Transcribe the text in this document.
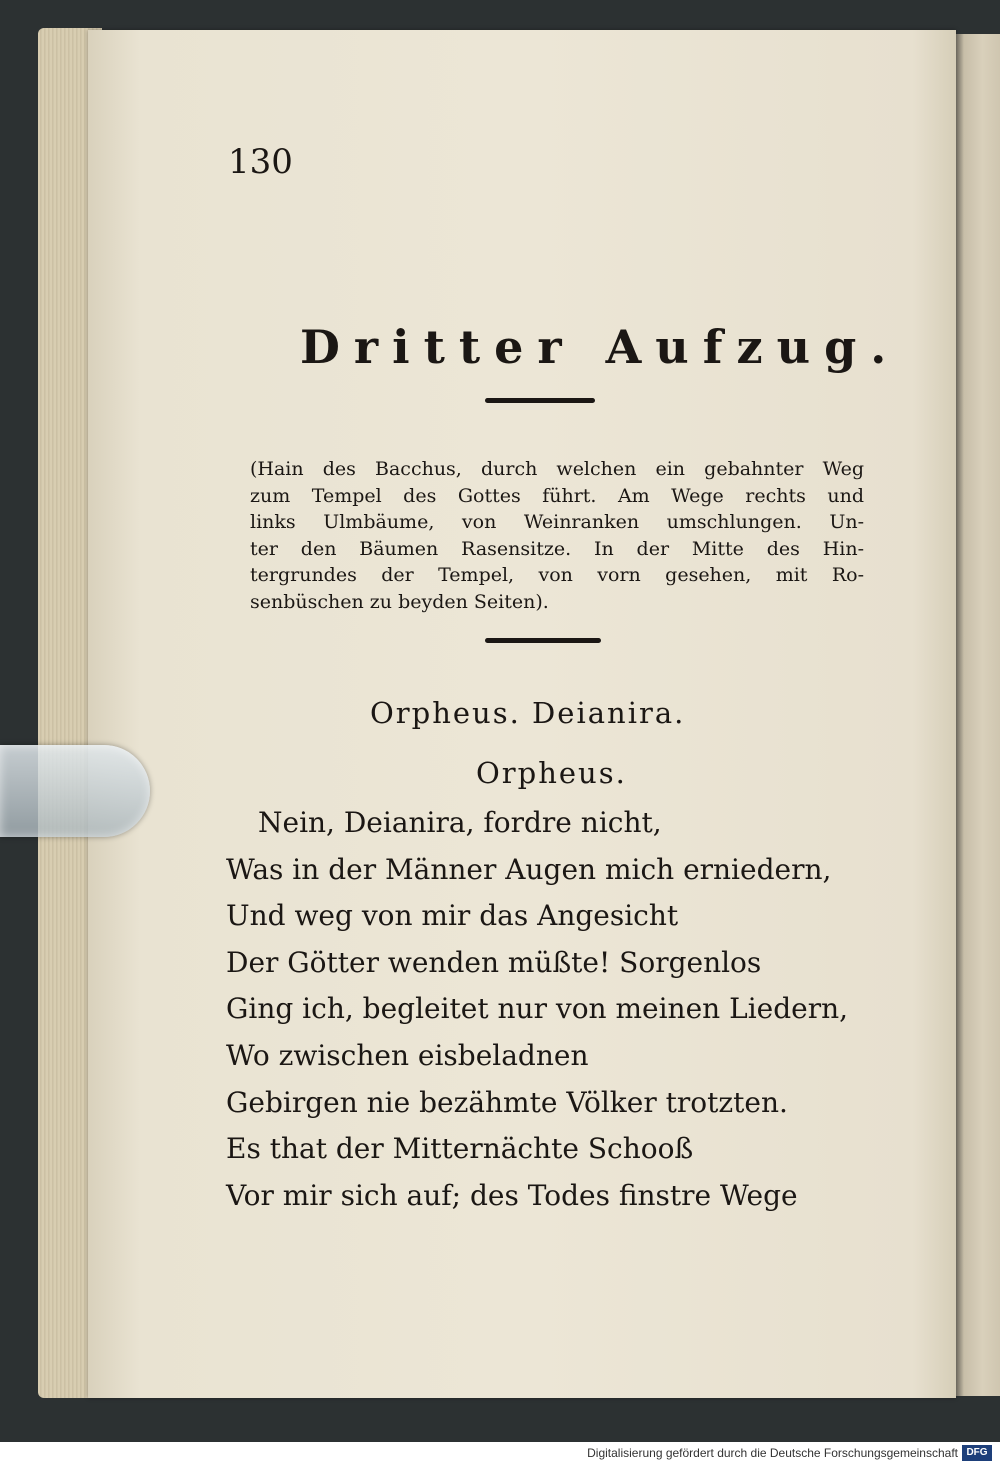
130
Dritter Aufzug.
(Hain des Bacchus, durch welchen ein gebahnter Weg
zum Tempel des Gottes führt. Am Wege rechts und
links Ulmbäume, von Weinranken umschlungen. Un-
ter den Bäumen Rasensitze. In der Mitte des Hin-
tergrundes der Tempel, von vorn gesehen, mit Ro-
senbüschen zu beyden Seiten).
Orpheus. Deianira.
Orpheus.
Nein, Deianira, fordre nicht,
Was in der Männer Augen mich erniedern,
Und weg von mir das Angesicht
Der Götter wenden müßte! Sorgenlos
Ging ich, begleitet nur von meinen Liedern,
Wo zwischen eisbeladnen
Gebirgen nie bezähmte Völker trotzten.
Es that der Mitternächte Schooß
Vor mir sich auf; des Todes finstre Wege
Digitalisierung gefördert durch die Deutsche Forschungsgemeinschaft DFG
